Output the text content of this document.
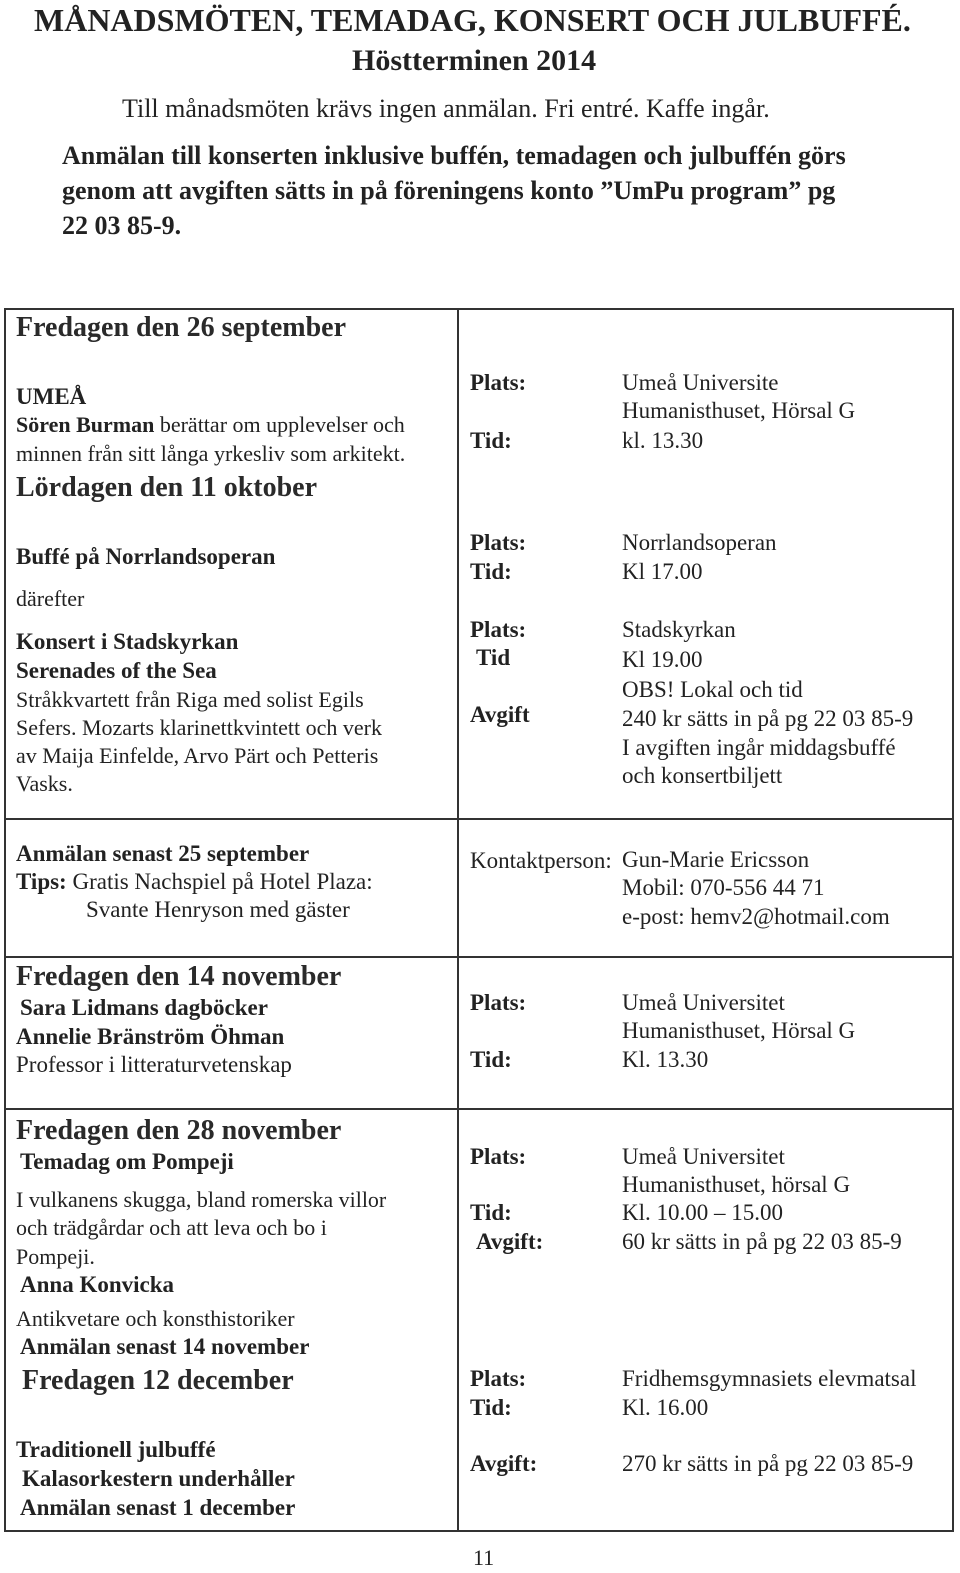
MÅNADSMÖTEN, TEMADAG, KONSERT OCH JULBUFFÉ.
Höstterminen 2014
Till månadsmöten krävs ingen anmälan. Fri entré. Kaffe ingår.
Anmälan till konserten inklusive buffén, temadagen och julbuffén görs
genom att avgiften sätts in på föreningens konto ”UmPu program” pg
22 03 85-9.
Fredagen den 26 september
UMEÅ
Sören Burman berättar om upplevelser och
minnen från sitt långa yrkesliv som arkitekt.
Plats:	Umeå Universite
Humanisthuset, Hörsal G
Tid:	kl. 13.30
Lördagen den 11 oktober
Buffé på Norrlandsoperan
därefter
Konsert i Stadskyrkan
Serenades of the Sea
Stråkkvartett från Riga med solist Egils
Sefers. Mozarts klarinettkvintett och verk
av Maija Einfelde, Arvo Pärt och Petteris
Vasks.
Plats:	Norrlandsoperan
Tid:	Kl 17.00
Plats:	Stadskyrkan
Tid	Kl 19.00
OBS! Lokal och tid
Avgift	240 kr sätts in på pg 22 03 85-9
I avgiften ingår middagsbuffé
och konsertbiljett
Anmälan senast 25 september
Tips: Gratis Nachspiel på Hotel Plaza:
Svante Henryson med gäster
Kontaktperson: Gun-Marie Ericsson
Mobil: 070-556 44 71
e-post: hemv2@hotmail.com
Fredagen den 14 november
Sara Lidmans dagböcker
Annelie Bränström Öhman
Professor i litteraturvetenskap
Plats:	Umeå Universitet
Humanisthuset, Hörsal G
Tid:	Kl. 13.30
Fredagen den 28 november
Temadag om Pompeji
I vulkanens skugga, bland romerska villor
och trädgårdar och att leva och bo i
Pompeji.
Anna Konvicka
Antikvetare och konsthistoriker
Anmälan senast 14 november
Plats:	Umeå Universitet
Humanisthuset, hörsal G
Tid:	Kl. 10.00 – 15.00
Avgift:	60 kr sätts in på pg 22 03 85-9
Fredagen 12 december
Traditionell julbuffé
Kalasorkestern underhåller
Anmälan senast 1 december
Plats:	Fridhemsgymnasiets elevmatsal
Tid:	Kl. 16.00
Avgift:	270 kr sätts in på pg 22 03 85-9
11
